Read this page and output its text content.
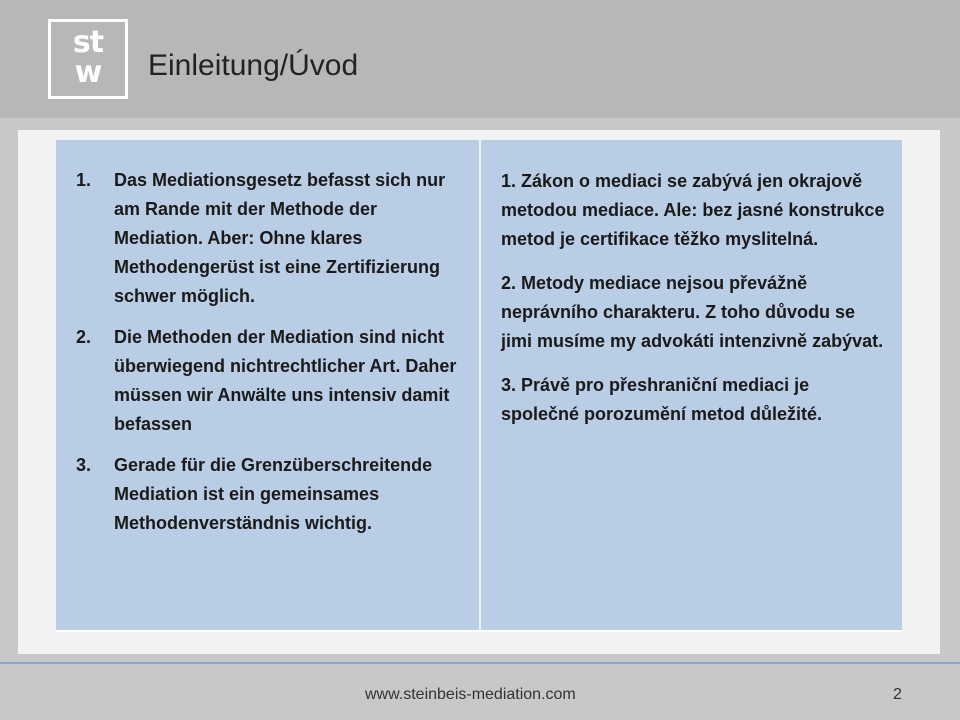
st
w	Einleitung/Úvod
1. Das Mediationsgesetz befasst sich nur am Rande mit der Methode der Mediation. Aber: Ohne klares Methodengerüst ist eine Zertifizierung schwer möglich.
2. Die Methoden der Mediation sind nicht überwiegend nichtrechtlicher Art. Daher müssen wir Anwälte uns intensiv damit befassen
3. Gerade für die Grenzüberschreitende Mediation ist ein gemeinsames Methodenverständnis wichtig.

1. Zákon o mediaci se zabývá jen okrajově metodou mediace. Ale: bez jasné konstrukce metod je certifikace těžko myslitelná.

2. Metody mediace nejsou převážně neprávního charakteru. Z toho důvodu se jimi musíme my advokáti intenzivně zabývat.

3. Právě pro přeshraniční mediaci je společné porozumění metod důležité.

www.steinbeis-mediation.com	2
